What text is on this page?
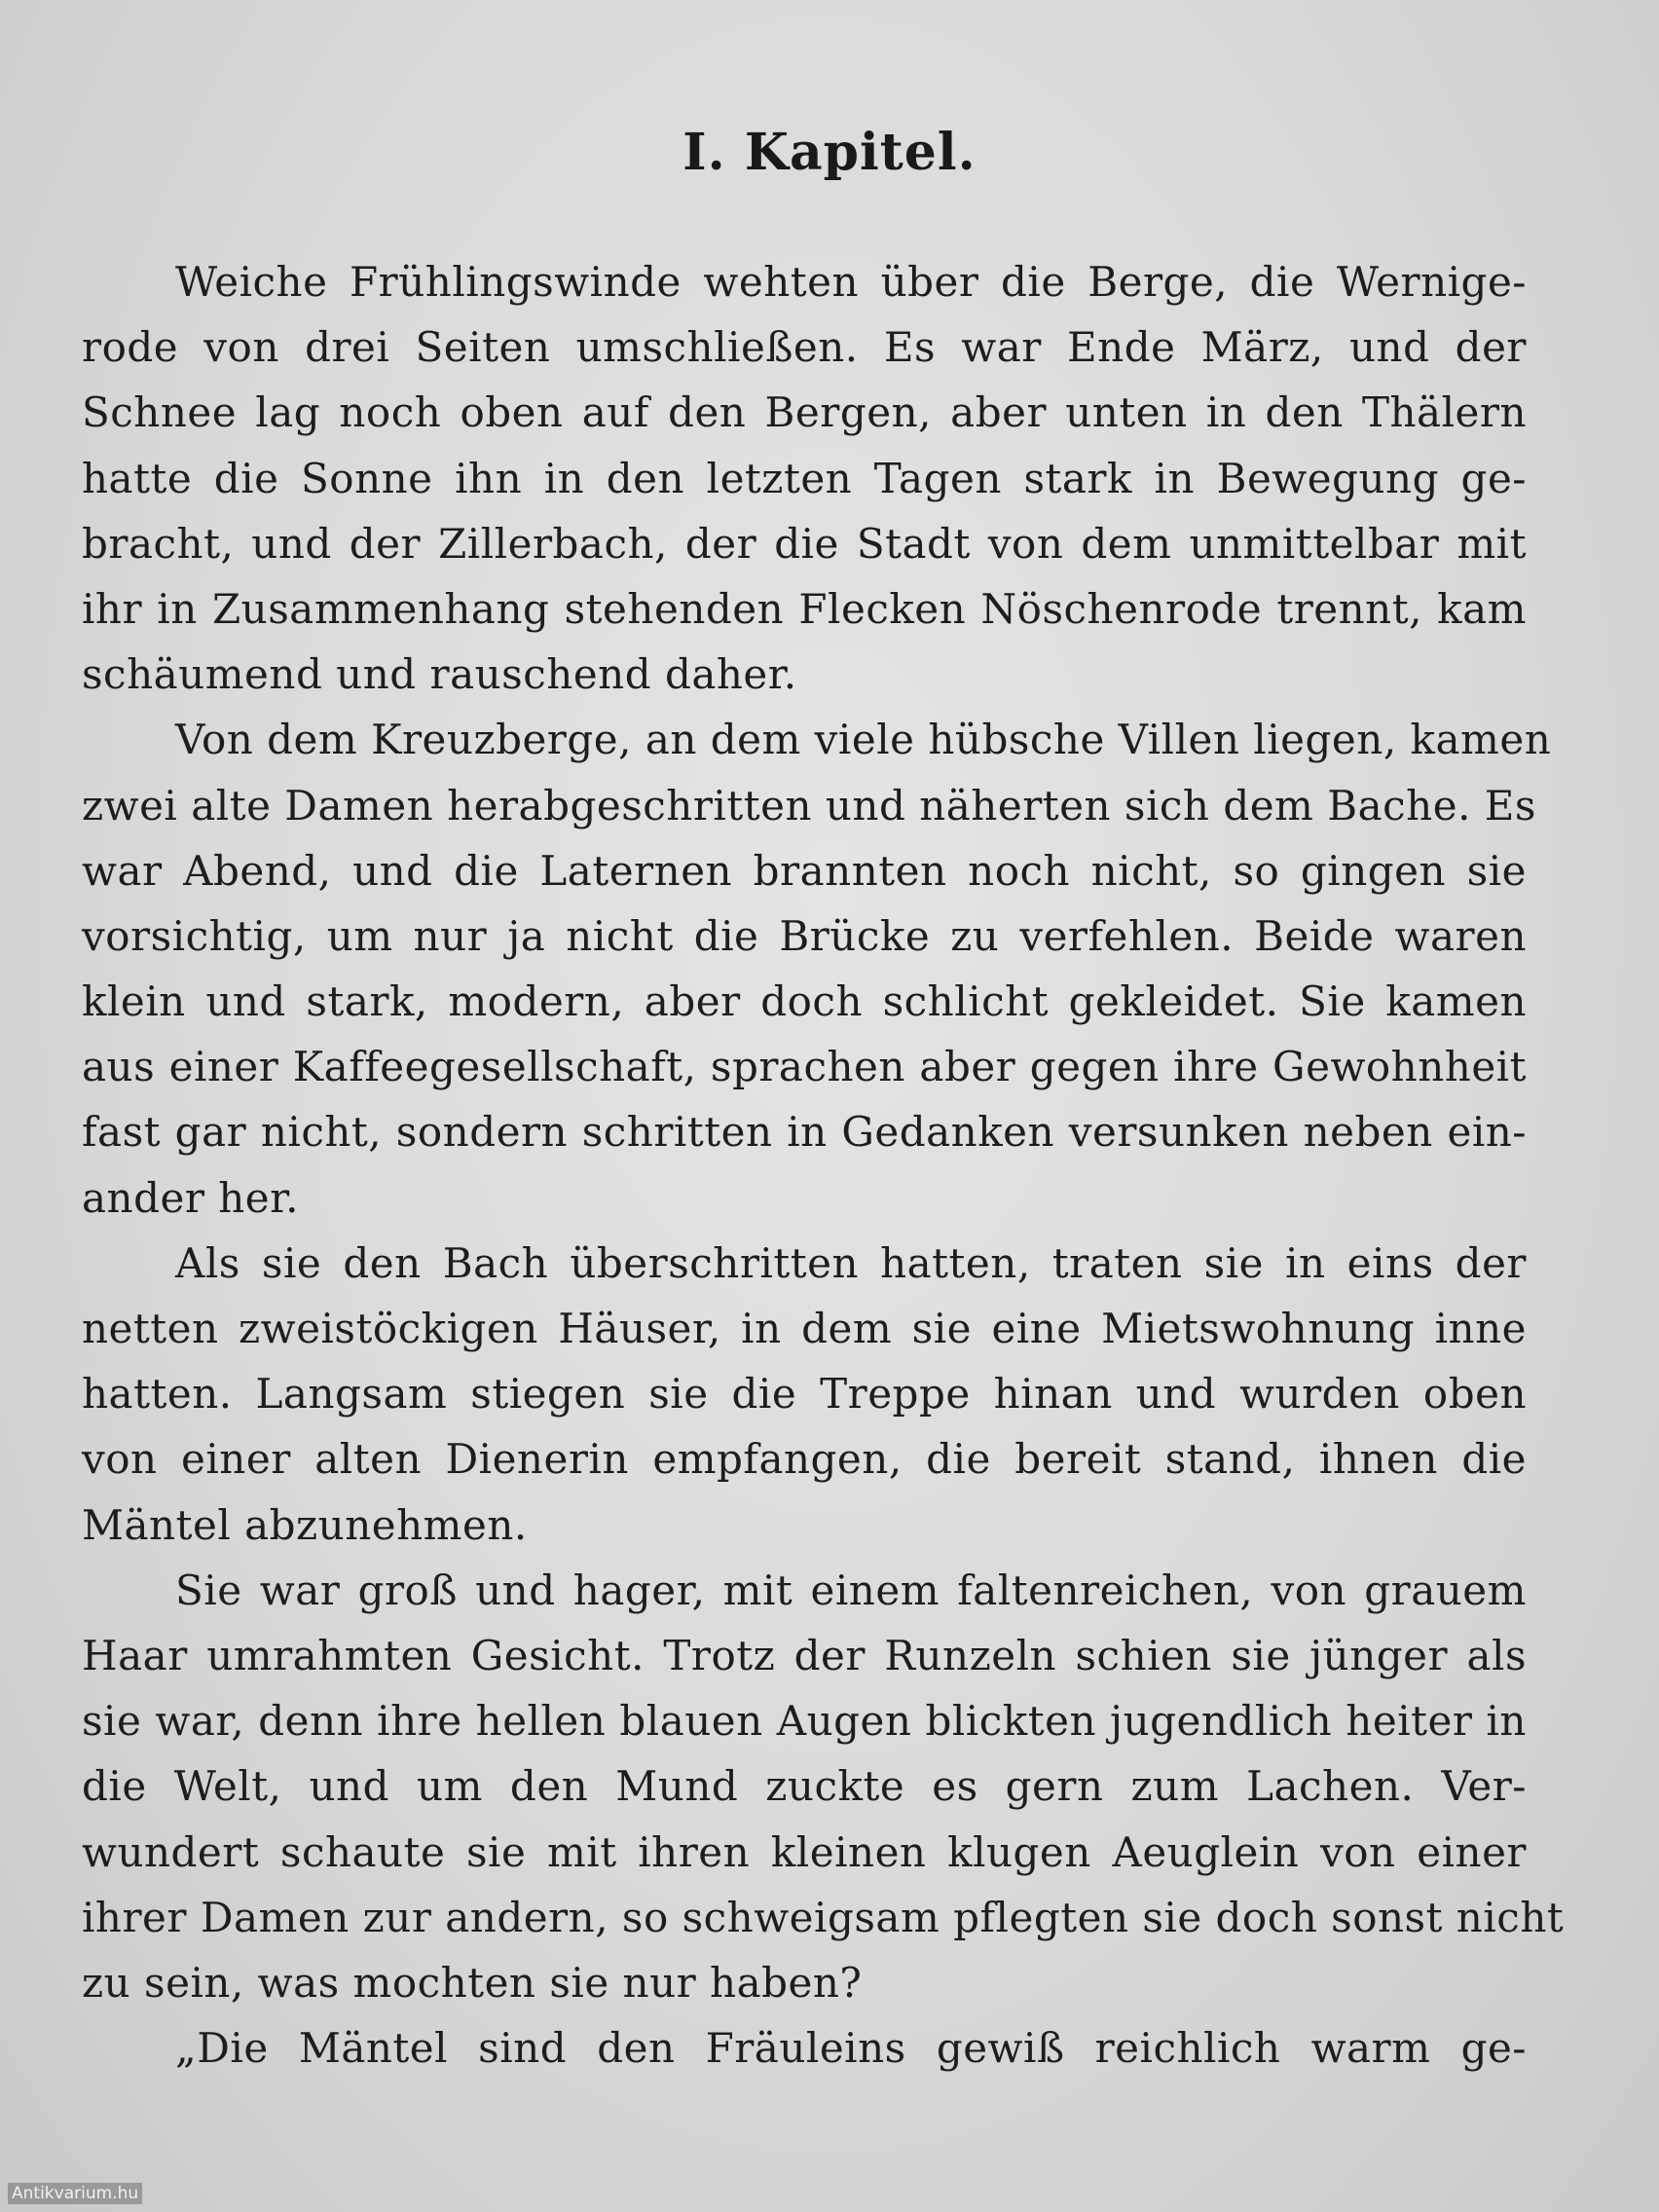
I. Kapitel.
Weiche Frühlingswinde wehten über die Berge, die Wernige-
rode von drei Seiten umschließen. Es war Ende März, und der
Schnee lag noch oben auf den Bergen, aber unten in den Thälern
hatte die Sonne ihn in den letzten Tagen stark in Bewegung ge-
bracht, und der Zillerbach, der die Stadt von dem unmittelbar mit
ihr in Zusammenhang stehenden Flecken Nöschenrode trennt, kam
schäumend und rauschend daher.
Von dem Kreuzberge, an dem viele hübsche Villen liegen, kamen
zwei alte Damen herabgeschritten und näherten sich dem Bache. Es
war Abend, und die Laternen brannten noch nicht, so gingen sie
vorsichtig, um nur ja nicht die Brücke zu verfehlen. Beide waren
klein und stark, modern, aber doch schlicht gekleidet. Sie kamen
aus einer Kaffeegesellschaft, sprachen aber gegen ihre Gewohnheit
fast gar nicht, sondern schritten in Gedanken versunken neben ein-
ander her.
Als sie den Bach überschritten hatten, traten sie in eins der
netten zweistöckigen Häuser, in dem sie eine Mietswohnung inne
hatten. Langsam stiegen sie die Treppe hinan und wurden oben
von einer alten Dienerin empfangen, die bereit stand, ihnen die
Mäntel abzunehmen.
Sie war groß und hager, mit einem faltenreichen, von grauem
Haar umrahmten Gesicht. Trotz der Runzeln schien sie jünger als
sie war, denn ihre hellen blauen Augen blickten jugendlich heiter in
die Welt, und um den Mund zuckte es gern zum Lachen. Ver-
wundert schaute sie mit ihren kleinen klugen Aeuglein von einer
ihrer Damen zur andern, so schweigsam pflegten sie doch sonst nicht
zu sein, was mochten sie nur haben?
„Die Mäntel sind den Fräuleins gewiß reichlich warm ge-
Antikvarium.hu
